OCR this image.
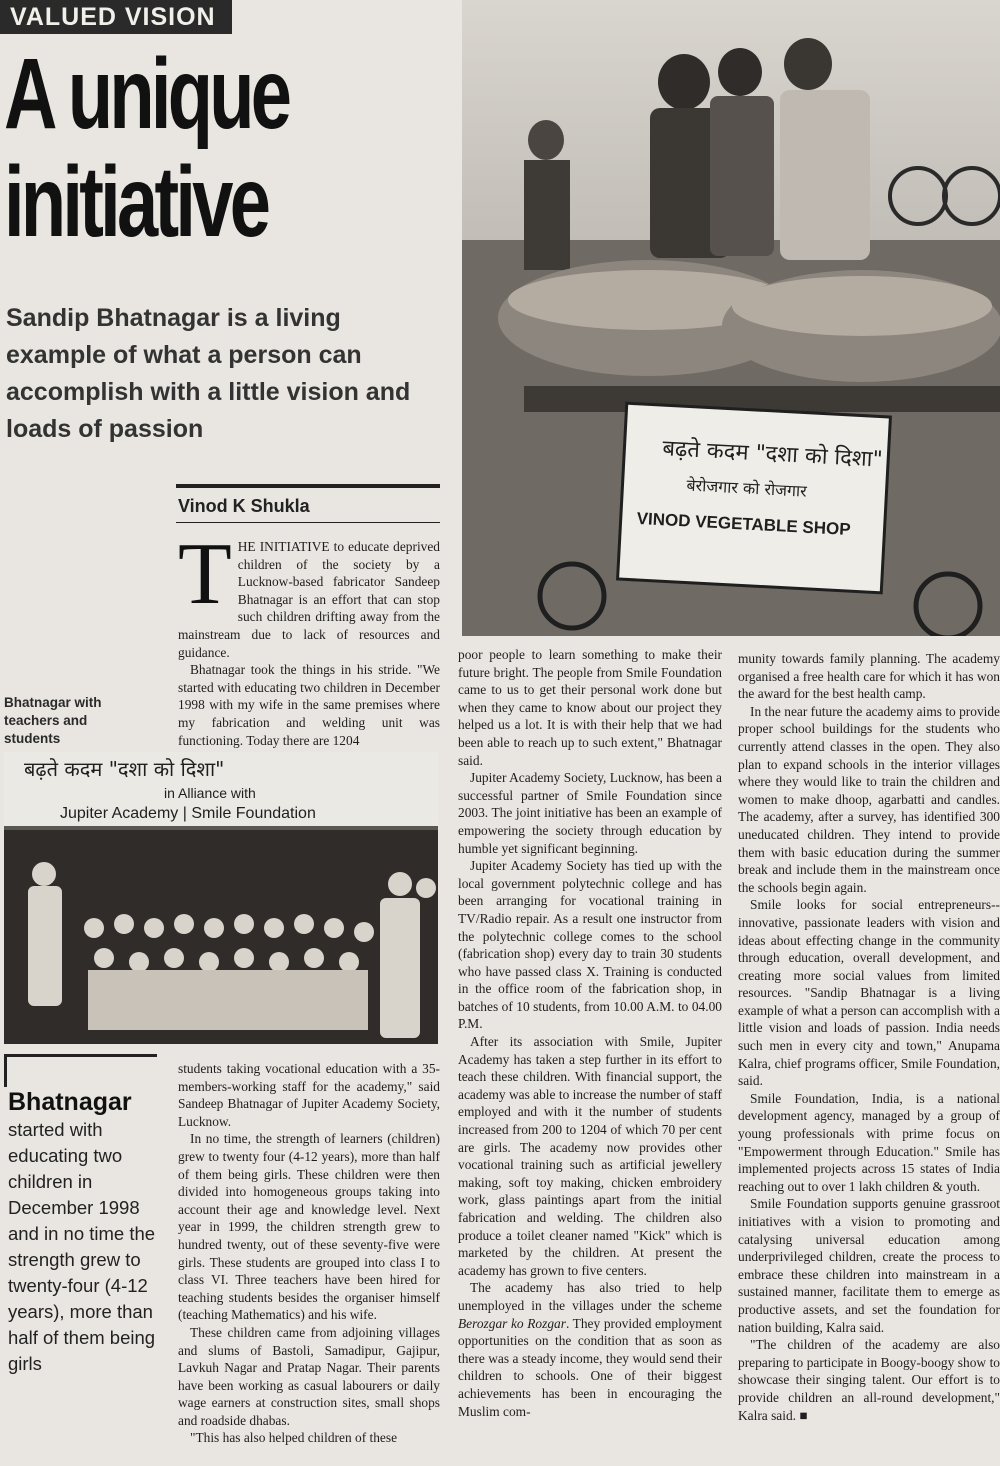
VALUED VISION
A unique initiative

Sandip Bhatnagar is a living example of what a person can accomplish with a little vision and loads of passion

Vinod K Shukla
बढ़ते कदम "दशा को दिशा"
बेरोजगार को रोजगार
VINOD VEGETABLE SHOP

Bhatnagar with teachers and students

बढ़ते कदम "दशा को दिशा"
in Alliance with
Jupiter Academy | Smile Foundation
Bhatnagar

started with educating two children in December 1998 and in no time the strength grew to twenty-four (4-12 years), more than half of them being girls

T HE INITIATIVE to educate deprived children of the society by a Lucknow-based fabricator Sandeep Bhatnagar is an effort that can stop such children drifting away from the mainstream due to lack of resources and guidance.

Bhatnagar took the things in his stride. "We started with educating two children in December 1998 with my wife in the same premises where my fabrication and welding unit was functioning. Today there are 1204

students taking vocational education with a 35-members-working staff for the academy," said Sandeep Bhatnagar of Jupiter Academy Society, Lucknow.

In no time, the strength of learners (children) grew to twenty four (4-12 years), more than half of them being girls. These children were then divided into homogeneous groups taking into account their age and knowledge level. Next year in 1999, the children strength grew to hundred twenty, out of these seventy-five were girls. These students are grouped into class I to class VI. Three teachers have been hired for teaching students besides the organiser himself (teaching Mathematics) and his wife.

These children came from adjoining villages and slums of Bastoli, Samadipur, Gajipur, Lavkuh Nagar and Pratap Nagar. Their parents have been working as casual labourers or daily wage earners at construction sites, small shops and roadside dhabas.

"This has also helped children of these

poor people to learn something to make their future bright. The people from Smile Foundation came to us to get their personal work done but when they came to know about our project they helped us a lot. It is with their help that we had been able to reach up to such extent," Bhatnagar said.

Jupiter Academy Society, Lucknow, has been a successful partner of Smile Foundation since 2003. The joint initiative has been an example of empowering the society through education by humble yet significant beginning.

Jupiter Academy Society has tied up with the local government polytechnic college and has been arranging for vocational training in TV/Radio repair. As a result one instructor from the polytechnic college comes to the school (fabrication shop) every day to train 30 students who have passed class X. Training is conducted in the office room of the fabrication shop, in batches of 10 students, from 10.00 A.M. to 04.00 P.M.

After its association with Smile, Jupiter Academy has taken a step further in its effort to teach these children. With financial support, the academy was able to increase the number of staff employed and with it the number of students increased from 200 to 1204 of which 70 per cent are girls. The academy now provides other vocational training such as artificial jewellery making, soft toy making, chicken embroidery work, glass paintings apart from the initial fabrication and welding. The children also produce a toilet cleaner named "Kick" which is marketed by the children. At present the academy has grown to five centers.

The academy has also tried to help unemployed in the villages under the scheme Berozgar ko Rozgar. They provided employment opportunities on the condition that as soon as there was a steady income, they would send their children to schools. One of their biggest achievements has been in encouraging the Muslim com-

munity towards family planning. The academy organised a free health care for which it has won the award for the best health camp.

In the near future the academy aims to provide proper school buildings for the students who currently attend classes in the open. They also plan to expand schools in the interior villages where they would like to train the children and women to make dhoop, agarbatti and candles. The academy, after a survey, has identified 300 uneducated children. They intend to provide them with basic education during the summer break and include them in the mainstream once the schools begin again.

Smile looks for social entrepreneurs--innovative, passionate leaders with vision and ideas about effecting change in the community through education, overall development, and creating more social values from limited resources. "Sandip Bhatnagar is a living example of what a person can accomplish with a little vision and loads of passion. India needs such men in every city and town," Anupama Kalra, chief programs officer, Smile Foundation, said.

Smile Foundation, India, is a national development agency, managed by a group of young professionals with prime focus on "Empowerment through Education." Smile has implemented projects across 15 states of India reaching out to over 1 lakh children & youth.

Smile Foundation supports genuine grassroot initiatives with a vision to promoting and catalysing universal education among underprivileged children, create the process to embrace these children into mainstream in a sustained manner, facilitate them to emerge as productive assets, and set the foundation for nation building, Kalra said.

"The children of the academy are also preparing to participate in Boogy-boogy show to showcase their singing talent. Our effort is to provide children an all-round development," Kalra said. ■
